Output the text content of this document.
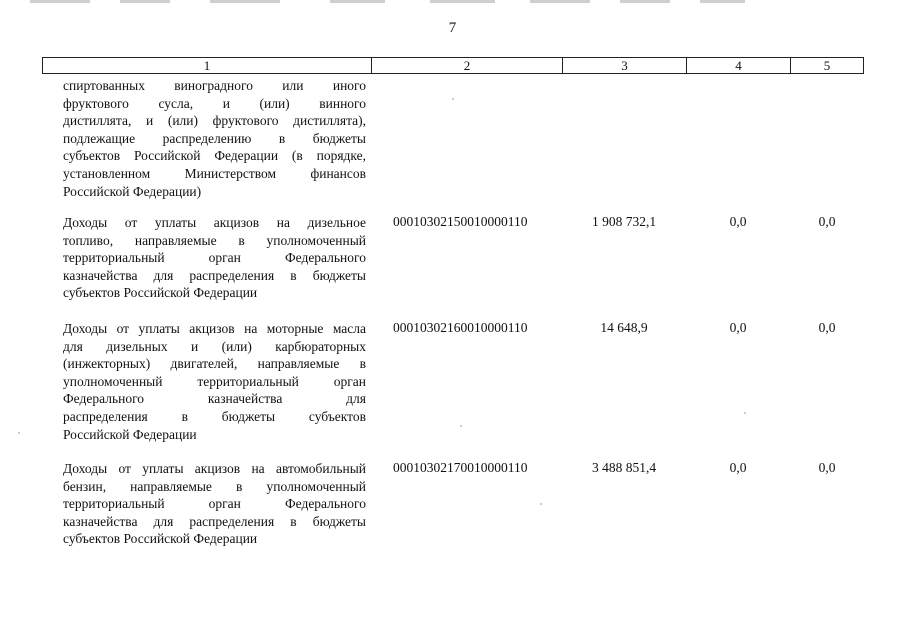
7
1	2	3	4	5
спиртованных виноградного или иного
фруктового сусла, и (или) винного
дистиллята, и (или) фруктового дистиллята),
подлежащие распределению в бюджеты
субъектов Российской Федерации (в порядке,
установленном Министерством финансов
Российской Федерации)
Доходы от уплаты акцизов на дизельное
топливо, направляемые в уполномоченный
территориальный орган Федерального
казначейства для распределения в бюджеты
субъектов Российской Федерации
00010302150010000110	1 908 732,1	0,0	0,0
Доходы от уплаты акцизов на моторные масла
для дизельных и (или) карбюраторных
(инжекторных) двигателей, направляемые в
уполномоченный территориальный орган
Федерального казначейства для
распределения в бюджеты субъектов
Российской Федерации
00010302160010000110	14 648,9	0,0	0,0
Доходы от уплаты акцизов на автомобильный
бензин, направляемые в уполномоченный
территориальный орган Федерального
казначейства для распределения в бюджеты
субъектов Российской Федерации
00010302170010000110	3 488 851,4	0,0	0,0
